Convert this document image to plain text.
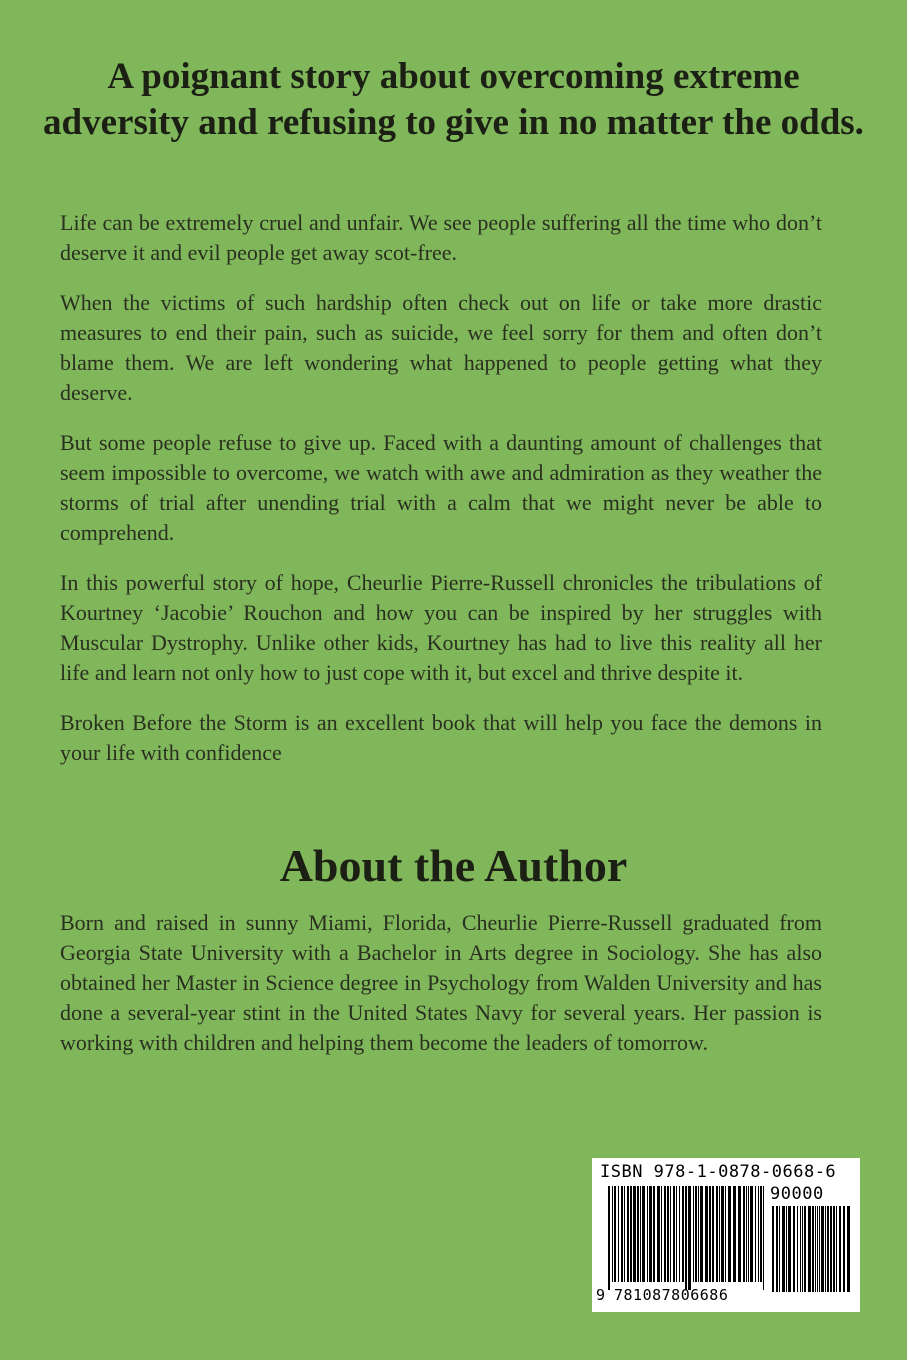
A poignant story about overcoming extreme adversity and refusing to give in no matter the odds.

Life can be extremely cruel and unfair. We see people suffering all the time who don’t deserve it and evil people get away scot-free.

When the victims of such hardship often check out on life or take more drastic measures to end their pain, such as suicide, we feel sorry for them and often don’t blame them. We are left wondering what happened to people getting what they deserve.

But some people refuse to give up. Faced with a daunting amount of challenges that seem impossible to overcome, we watch with awe and admiration as they weather the storms of trial after unending trial with a calm that we might never be able to comprehend.

In this powerful story of hope, Cheurlie Pierre-Russell chronicles the tribulations of Kourtney ‘Jacobie’ Rouchon and how you can be inspired by her struggles with Muscular Dystrophy. Unlike other kids, Kourtney has had to live this reality all her life and learn not only how to just cope with it, but excel and thrive despite it.

Broken Before the Storm is an excellent book that will help you face the demons in your life with confidence

About the Author

Born and raised in sunny Miami, Florida, Cheurlie Pierre-Russell graduated from Georgia State University with a Bachelor in Arts degree in Sociology. She has also obtained her Master in Science degree in Psychology from Walden University and has done a several-year stint in the United States Navy for several years. Her passion is working with children and helping them become the leaders of tomorrow.

ISBN 978-1-0878-0668-6
90000
9 781087806686
